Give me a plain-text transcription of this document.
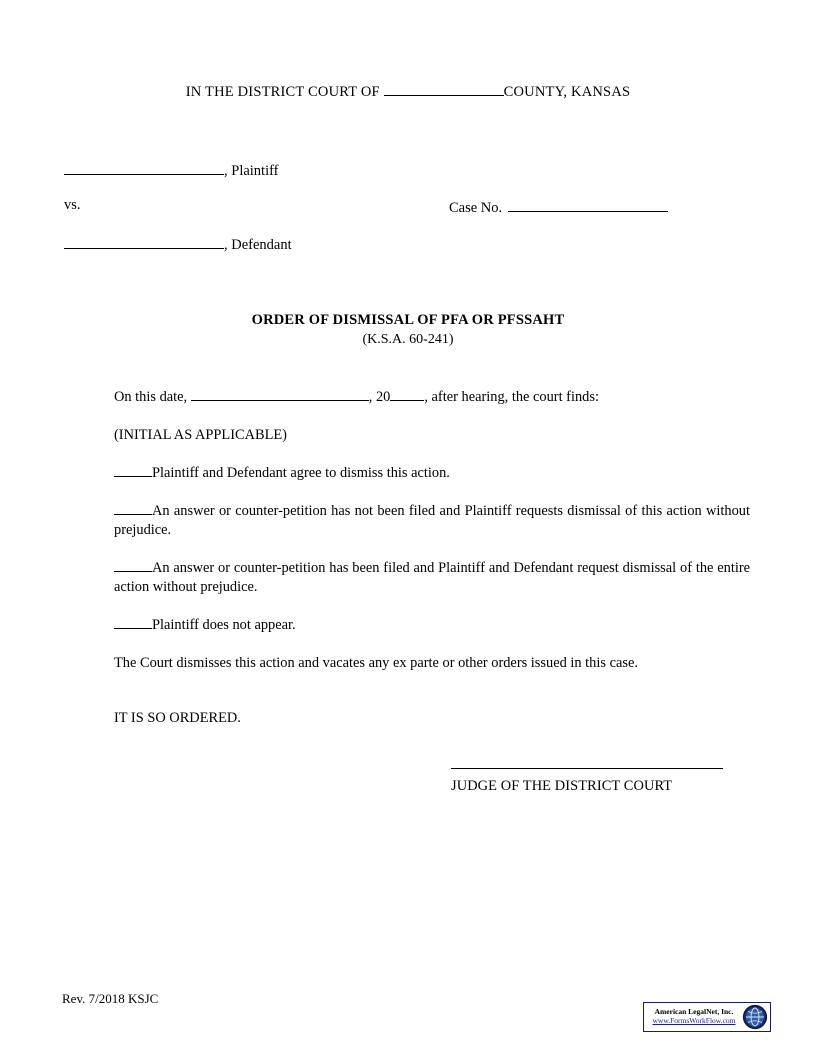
IN THE DISTRICT COURT OF	COUNTY, KANSAS
, Plaintiff
vs.	Case No.
, Defendant
ORDER OF DISMISSAL OF PFA OR PFSSAHT
(K.S.A. 60-241)

On this date,	, 20 , after hearing, the court finds:

(INITIAL AS APPLICABLE)

Plaintiff and Defendant agree to dismiss this action.

An answer or counter-petition has not been filed and Plaintiff requests dismissal of this action without prejudice.

An answer or counter-petition has been filed and Plaintiff and Defendant request dismissal of the entire action without prejudice.

Plaintiff does not appear.

The Court dismisses this action and vacates any ex parte or other orders issued in this case.

IT IS SO ORDERED.

JUDGE OF THE DISTRICT COURT
Rev. 7/2018 KSJC
American LegalNet, Inc.
www.FormsWorkFlow.com
